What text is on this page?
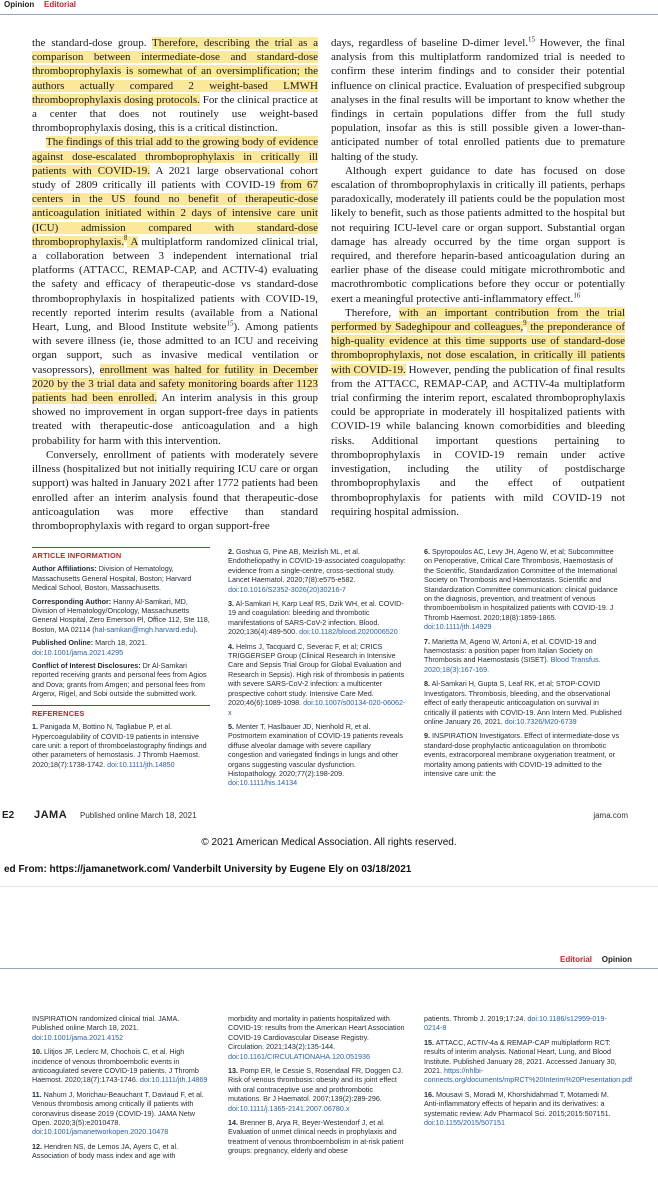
Opinion Editorial

the standard-dose group. Therefore, describing the trial as a comparison between intermediate-dose and standard-dose thromboprophylaxis is somewhat of an oversimplification; the authors actually compared 2 weight-based LMWH thromboprophylaxis dosing protocols. For the clinical practice at a center that does not routinely use weight-based thromboprophylaxis dosing, this is a critical distinction.

The findings of this trial add to the growing body of evidence against dose-escalated thromboprophylaxis in critically ill patients with COVID-19. A 2021 large observational cohort study of 2809 critically ill patients with COVID-19 from 67 centers in the US found no benefit of therapeutic-dose anticoagulation initiated within 2 days of intensive care unit (ICU) admission compared with standard-dose thromboprophylaxis.$^8$ A multiplatform randomized clinical trial, a collaboration between 3 independent international trial platforms (ATTACC, REMAP-CAP, and ACTIV-4) evaluating the safety and efficacy of therapeutic-dose vs standard-dose thromboprophylaxis in hospitalized patients with COVID-19, recently reported interim results (available from a National Heart, Lung, and Blood Institute website$^{15}$). Among patients with severe illness (ie, those admitted to an ICU and receiving organ support, such as invasive medical ventilation or vasopressors), enrollment was halted for futility in December 2020 by the 3 trial data and safety monitoring boards after 1123 patients had been enrolled. An interim analysis in this group showed no improvement in organ support-free days in patients treated with therapeutic-dose anticoagulation and a high probability for harm with this intervention.

Conversely, enrollment of patients with moderately severe illness (hospitalized but not initially requiring ICU care or organ support) was halted in January 2021 after 1772 patients had been enrolled after an interim analysis found that therapeutic-dose anticoagulation was more effective than standard thromboprophylaxis with regard to organ support-free

days, regardless of baseline D-dimer level.$^{15}$ However, the final analysis from this multiplatform randomized trial is needed to confirm these interim findings and to consider their potential influence on clinical practice. Evaluation of prespecified subgroup analyses in the final results will be important to know whether the findings in certain populations differ from the full study population, insofar as this is still possible given a lower-than-anticipated number of total enrolled patients due to premature halting of the study.

Although expert guidance to date has focused on dose escalation of thromboprophylaxis in critically ill patients, perhaps paradoxically, moderately ill patients could be the population most likely to benefit, such as those patients admitted to the hospital but not requiring ICU-level care or organ support. Substantial organ damage has already occurred by the time organ support is required, and therefore heparin-based anticoagulation during an earlier phase of the disease could mitigate microthrombotic and macrothrombotic complications before they occur or potentially exert a meaningful protective anti-inflammatory effect.$^{16}$

Therefore, with an important contribution from the trial performed by Sadeghipour and colleagues,$^9$ the preponderance of high-quality evidence at this time supports use of standard-dose thromboprophylaxis, not dose escalation, in critically ill patients with COVID-19. However, pending the publication of final results from the ATTACC, REMAP-CAP, and ACTIV-4a multiplatform trial confirming the interim report, escalated thromboprophylaxis could be appropriate in moderately ill hospitalized patients with COVID-19 while balancing known comorbidities and bleeding risks. Additional important questions pertaining to thromboprophylaxis in COVID-19 remain under active investigation, including the utility of postdischarge thromboprophylaxis and the effect of outpatient thromboprophylaxis for patients with mild COVID-19 not requiring hospital admission.

ARTICLE INFORMATION

Author Affiliations: Division of Hematology, Massachusetts General Hospital, Boston; Harvard Medical School, Boston, Massachusetts.

Corresponding Author: Hanny Al-Samkari, MD, Division of Hematology/Oncology, Massachusetts General Hospital, Zero Emerson Pl, Office 112, Ste 118, Boston, MA 02114 (hal-samkari@mgh.harvard.edu).

Published Online: March 18, 2021. doi:10.1001/jama.2021.4295

Conflict of Interest Disclosures: Dr Al-Samkari reported receiving grants and personal fees from Agios and Dova; grants from Amgen; and personal fees from Argenx, Rigel, and Sobi outside the submitted work.

REFERENCES
1. Panigada M, Bottino N, Tagliabue P, et al. Hypercoagulability of COVID-19 patients in intensive care unit: a report of thromboelastography findings and other parameters of hemostasis. J Thromb Haemost. 2020;18(7):1738-1742. doi:10.1111/jth.14850
2. Goshua G, Pine AB, Meizlish ML, et al. Endotheliopathy in COVID-19-associated coagulopathy: evidence from a single-centre, cross-sectional study. Lancet Haematol. 2020;7(8):e575-e582. doi:10.1016/S2352-3026(20)30216-7
3. Al-Samkari H, Karp Leaf RS, Dzik WH, et al. COVID-19 and coagulation: bleeding and thrombotic manifestations of SARS-CoV-2 infection. Blood. 2020;136(4):489-500. doi:10.1182/blood.2020006520
4. Helms J, Tacquard C, Severac F, et al; CRICS TRIGGERSEP Group (Clinical Research in Intensive Care and Sepsis Trial Group for Global Evaluation and Research in Sepsis). High risk of thrombosis in patients with severe SARS-CoV-2 infection: a multicenter prospective cohort study. Intensive Care Med. 2020;46(6):1089-1098. doi:10.1007/s00134-020-06062-x
5. Menter T, Haslbauer JD, Nienhold R, et al. Postmortem examination of COVID-19 patients reveals diffuse alveolar damage with severe capillary congestion and variegated findings in lungs and other organs suggesting vascular dysfunction. Histopathology. 2020;77(2):198-209. doi:10.1111/his.14134
6. Spyropoulos AC, Levy JH, Ageno W, et al; Subcommittee on Perioperative, Critical Care Thrombosis, Haemostasis of the Scientific, Standardization Committee of the International Society on Thrombosis and Haemostasis. Scientific and Standardization Committee communication: clinical guidance on the diagnosis, prevention, and treatment of venous thromboembolism in hospitalized patients with COVID-19. J Thromb Haemost. 2020;18(8):1859-1865. doi:10.1111/jth.14929
7. Marietta M, Ageno W, Artoni A, et al. COVID-19 and haemostasis: a position paper from Italian Society on Thrombosis and Haemostasis (SISET). Blood Transfus. 2020;18(3):167-169.
8. Al-Samkari H, Gupta S, Leaf RK, et al; STOP-COVID Investigators. Thrombosis, bleeding, and the observational effect of early therapeutic anticoagulation on survival in critically ill patients with COVID-19. Ann Intern Med. Published online January 26, 2021. doi:10.7326/M20-6739
9. INSPIRATION Investigators. Effect of intermediate-dose vs standard-dose prophylactic anticoagulation on thrombotic events, extracorporeal membrane oxygenation treatment, or mortality among patients with COVID-19 admitted to the intensive care unit: the
E2 JAMA Published online March 18, 2021	jama.com
© 2021 American Medical Association. All rights reserved.
ed From: https://jamanetwork.com/ Vanderbilt University by Eugene Ely on 03/18/2021
Editorial Opinion
INSPIRATION randomized clinical trial. JAMA. Published online March 18, 2021. doi:10.1001/jama.2021.4152
10. Llitjos JF, Leclerc M, Chochois C, et al. High incidence of venous thromboembolic events in anticoagulated severe COVID-19 patients. J Thromb Haemost. 2020;18(7):1743-1746. doi:10.1111/jth.14869
11. Nahum J, Morichau-Beauchant T, Daviaud F, et al. Venous thrombosis among critically ill patients with coronavirus disease 2019 (COVID-19). JAMA Netw Open. 2020;3(5):e2010478. doi:10.1001/jamanetworkopen.2020.10478
12. Hendren NS, de Lemos JA, Ayers C, et al. Association of body mass index and age with
morbidity and mortality in patients hospitalized with COVID-19: results from the American Heart Association COVID-19 Cardiovascular Disease Registry. Circulation. 2021;143(2):135-144. doi:10.1161/CIRCULATIONAHA.120.051936
13. Pomp ER, le Cessie S, Rosendaal FR, Doggen CJ. Risk of venous thrombosis: obesity and its joint effect with oral contraceptive use and prothrombotic mutations. Br J Haematol. 2007;139(2):289-296. doi:10.1111/j.1365-2141.2007.06780.x
14. Brenner B, Arya R, Beyer-Westendorf J, et al. Evaluation of unmet clinical needs in prophylaxis and treatment of venous thromboembolism in at-risk patient groups: pregnancy, elderly and obese
patients. Thromb J. 2019;17:24. doi:10.1186/s12959-019-0214-8
15. ATTACC, ACTIV-4a & REMAP-CAP multiplatform RCT: results of interim analysis. National Heart, Lung, and Blood Institute. Published January 28, 2021. Accessed January 30, 2021. https://nhlbi-connects.org/documents/mpRCT%20Interim%20Presentation.pdf
16. Mousavi S, Moradi M, Khorshidahmad T, Motamedi M. Anti-inflammatory effects of heparin and its derivatives: a systematic review. Adv Pharmacol Sci. 2015;2015:507151. doi:10.1155/2015/507151
